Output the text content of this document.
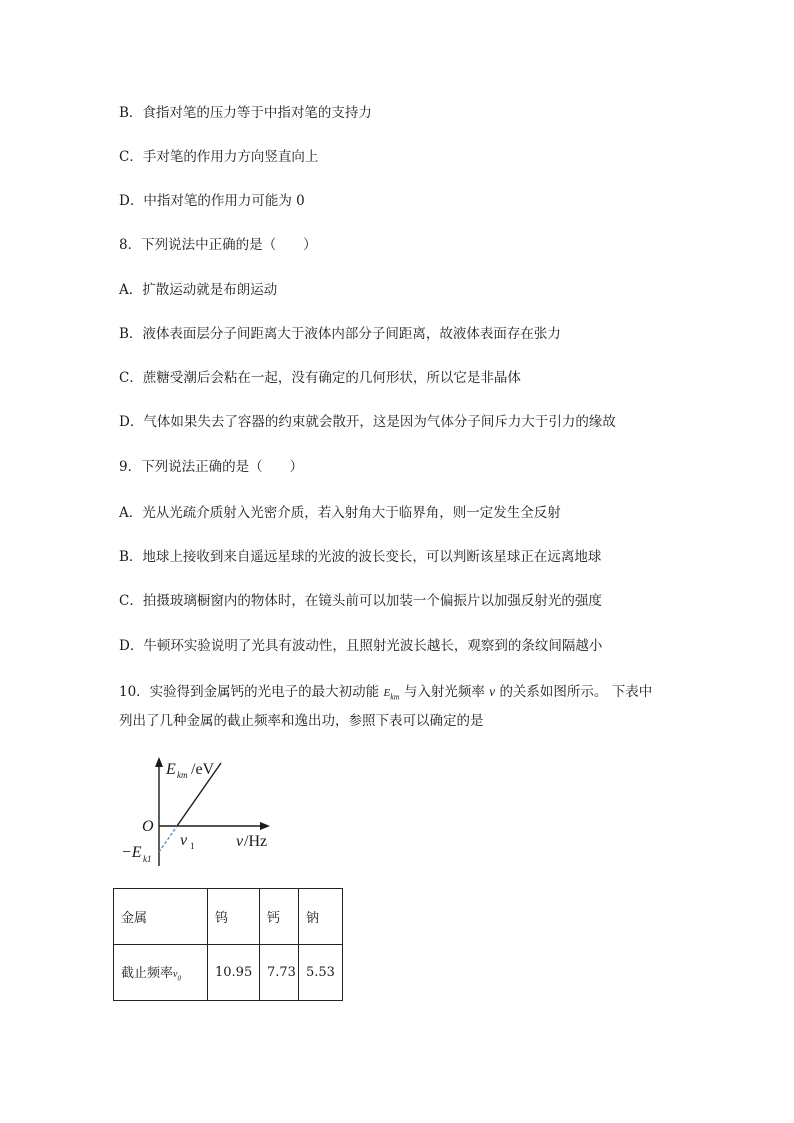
B．食指对笔的压力等于中指对笔的支持力
C．手对笔的作用力方向竖直向上
D．中指对笔的作用力可能为 0
8．下列说法中正确的是（　　）
A．扩散运动就是布朗运动
B．液体表面层分子间距离大于液体内部分子间距离，故液体表面存在张力
C．蔗糖受潮后会粘在一起，没有确定的几何形状，所以它是非晶体
D．气体如果失去了容器的约束就会散开，这是因为气体分子间斥力大于引力的缘故
9．下列说法正确的是（　　）
A．光从光疏介质射入光密介质，若入射角大于临界角，则一定发生全反射
B．地球上接收到来自遥远星球的光波的波长变长，可以判断该星球正在远离地球
C．拍摄玻璃橱窗内的物体时，在镜头前可以加装一个偏振片以加强反射光的强度
D．牛顿环实验说明了光具有波动性，且照射光波长越长，观察到的条纹间隔越小
10．实验得到金属钙的光电子的最大初动能 $E_{km}$ 与入射光频率 ν 的关系如图所示。 下表中
列出了几种金属的截止频率和逸出功，参照下表可以确定的是
E km /eV
O
ν 1	ν /Hz
−E k1
金属	钨	钙	钠
截止频率$\nu_0$	10.95	7.73	5.53
